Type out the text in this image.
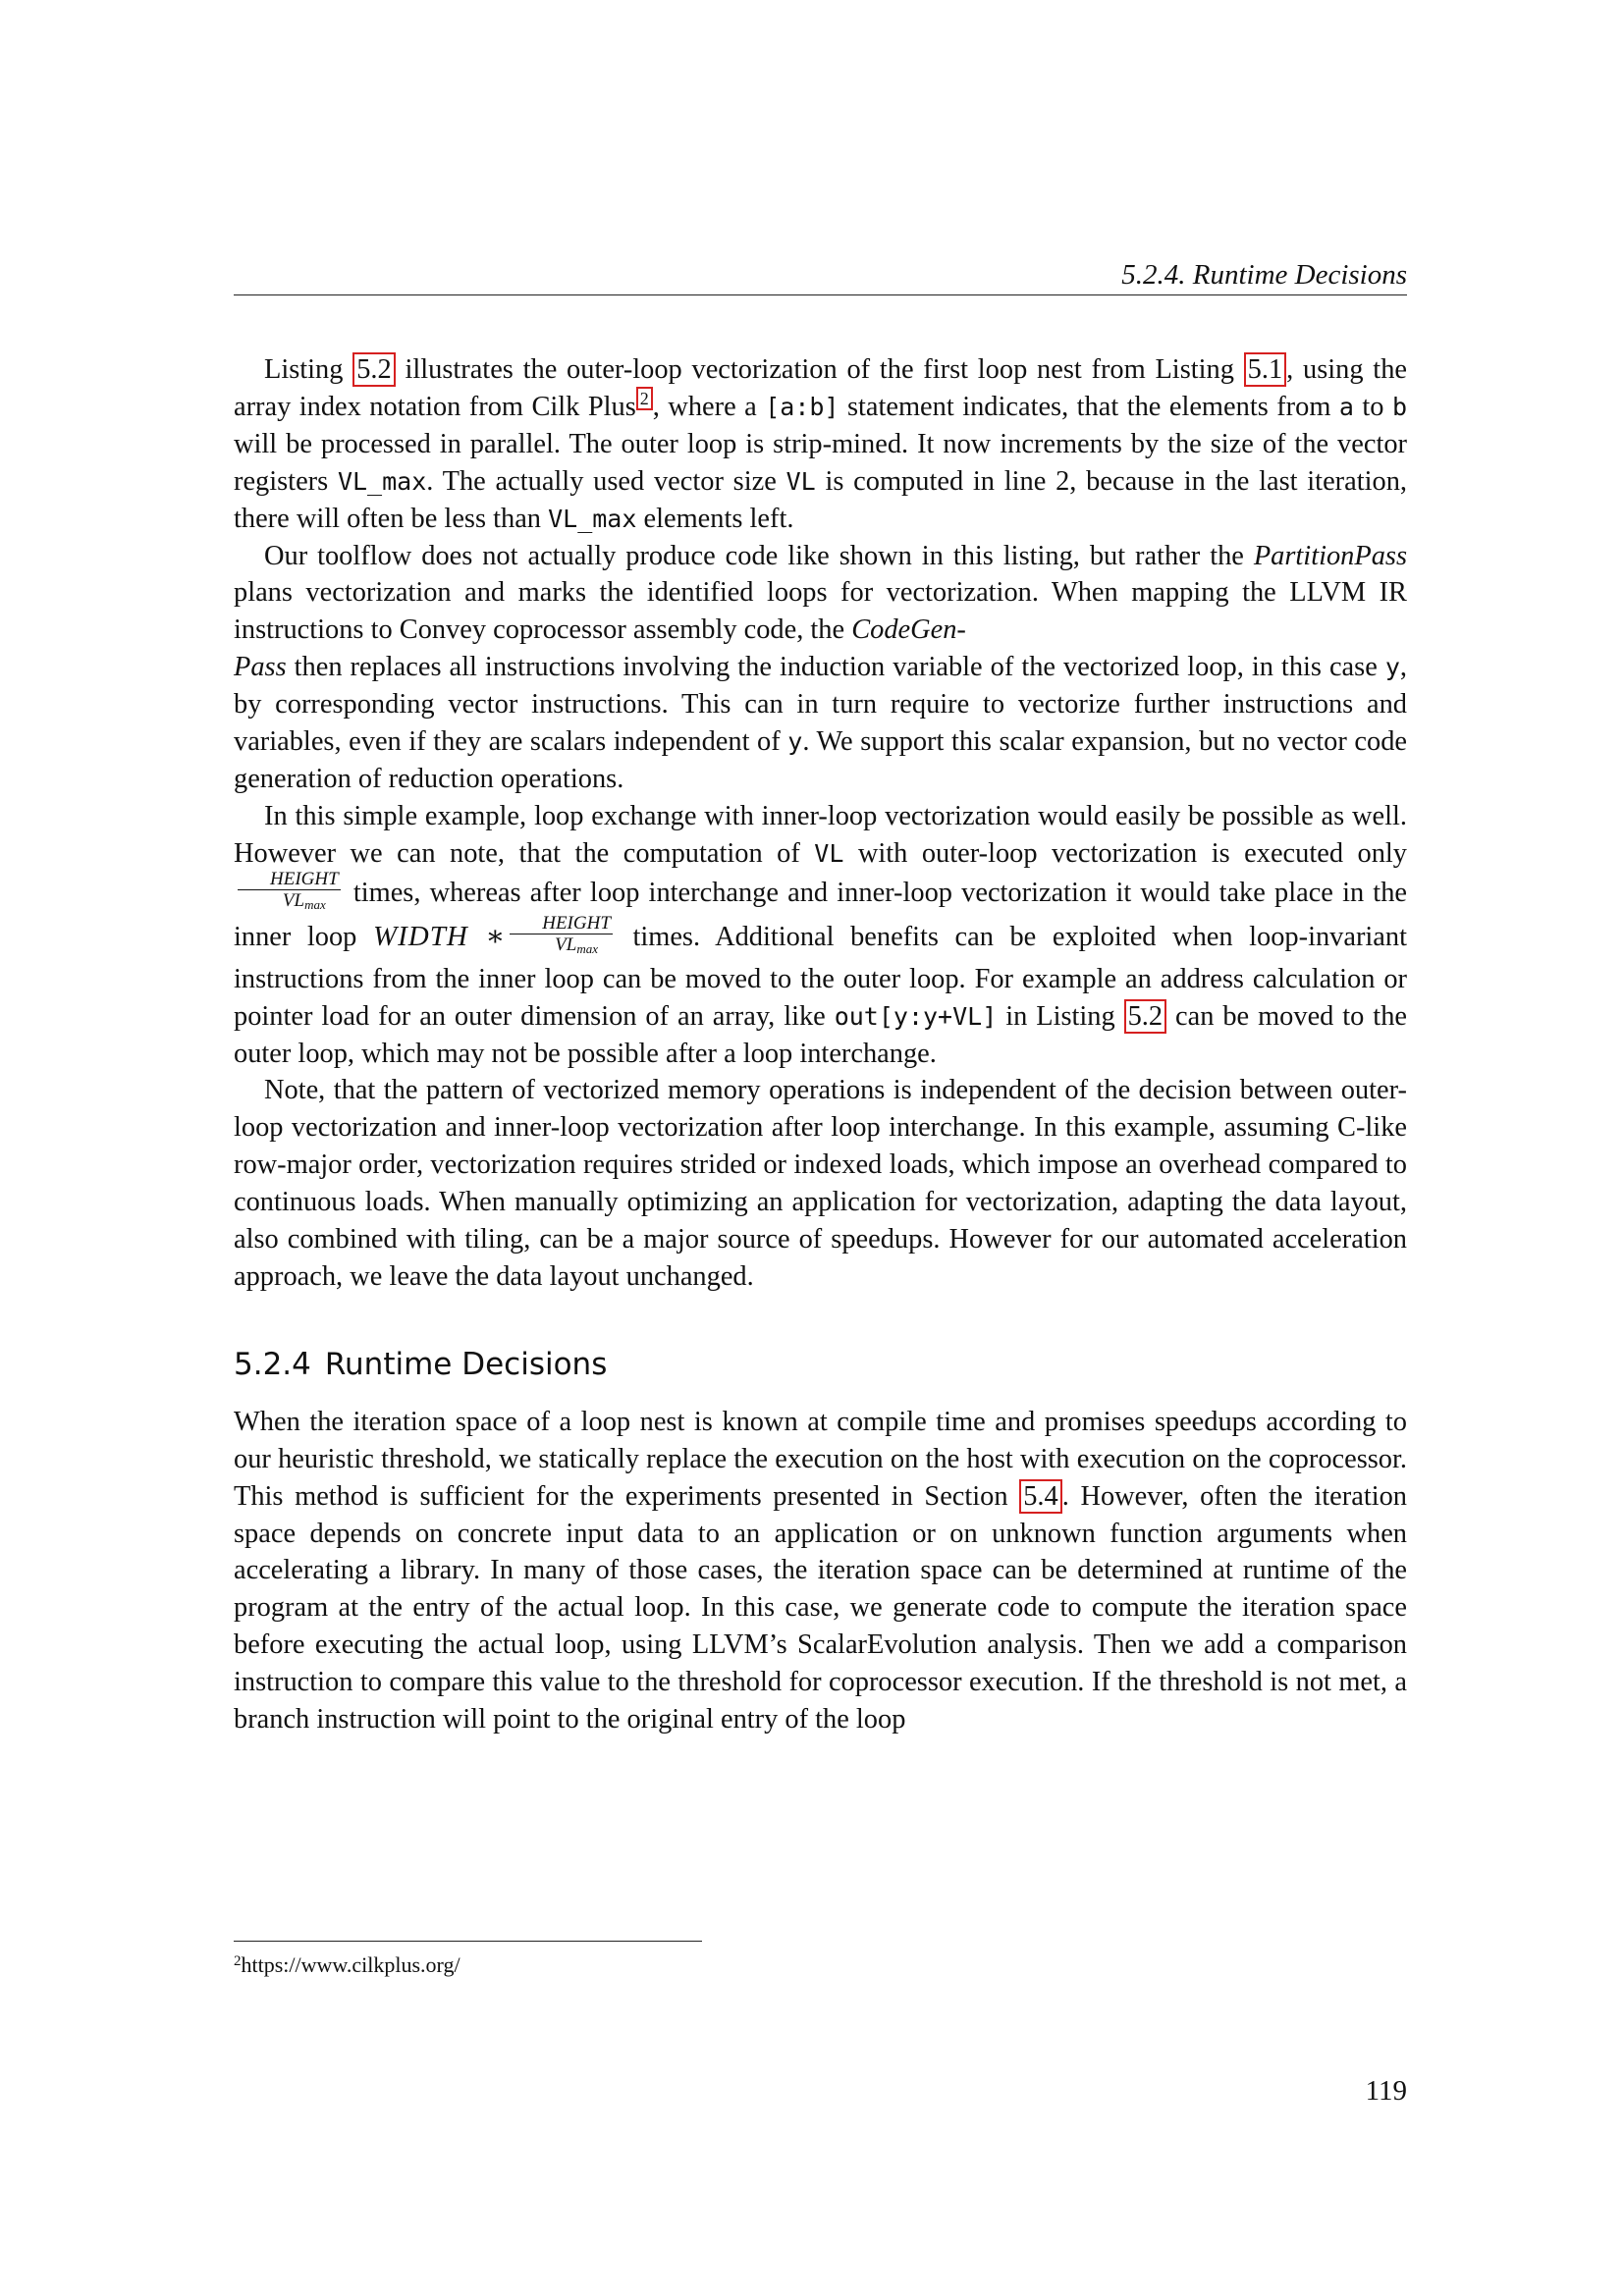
5.2.4. Runtime Decisions

Listing 5.2 illustrates the outer-loop vectorization of the first loop nest from Listing 5.1 , using the array index notation from Cilk Plus $^2$ , where a [a:b] statement indicates, that the elements from a to b will be processed in parallel. The outer loop is strip-mined. It now increments by the size of the vector registers VL_max. The actually used vector size VL is computed in line 2, because in the last iteration, there will often be less than VL_max elements left.

Our toolflow does not actually produce code like shown in this listing, but rather the PartitionPass plans vectorization and marks the identified loops for vectorization. When mapping the LLVM IR instructions to Convey coprocessor assembly code, the CodeGen-
Pass then replaces all instructions involving the induction variable of the vectorized loop, in this case y, by corresponding vector instructions. This can in turn require to vectorize further instructions and variables, even if they are scalars independent of y. We support this scalar expansion, but no vector code generation of reduction operations.

In this simple example, loop exchange with inner-loop vectorization would easily be possible as well. However we can note, that the computation of VL with outer-loop vectorization is executed only
$\frac{\text{HEIGHT}}{VL_{max}}$ times, whereas after loop interchange and inner-loop vectorization it would take place in the inner loop WIDTH ∗ $\frac{\text{HEIGHT}}{VL_{max}}$ times. Additional benefits can be exploited when loop-invariant instructions from the inner loop can be moved to the outer loop. For example an address calculation or pointer load for an outer dimension of an array, like out[y:y+VL] in Listing 5.2 can be moved to the outer loop, which may not be possible after a loop interchange.

Note, that the pattern of vectorized memory operations is independent of the decision between outer-loop vectorization and inner-loop vectorization after loop interchange. In this example, assuming C-like row-major order, vectorization requires strided or indexed loads, which impose an overhead compared to continuous loads. When manually optimizing an application for vectorization, adapting the data layout, also combined with tiling, can be a major source of speedups. However for our automated acceleration approach, we leave the data layout unchanged.

5.2.4 Runtime Decisions

When the iteration space of a loop nest is known at compile time and promises speedups according to our heuristic threshold, we statically replace the execution on the host with execution on the coprocessor. This method is sufficient for the experiments presented in Section 5.4 . However, often the iteration space depends on concrete input data to an application or on unknown function arguments when accelerating a library. In many of those cases, the iteration space can be determined at runtime of the program at the entry of the actual loop. In this case, we generate code to compute the iteration space before executing the actual loop, using LLVM’s ScalarEvolution analysis. Then we add a comparison instruction to compare this value to the threshold for coprocessor execution. If the threshold is not met, a branch instruction will point to the original entry of the loop

$^2$https://www.cilkplus.org/
119
